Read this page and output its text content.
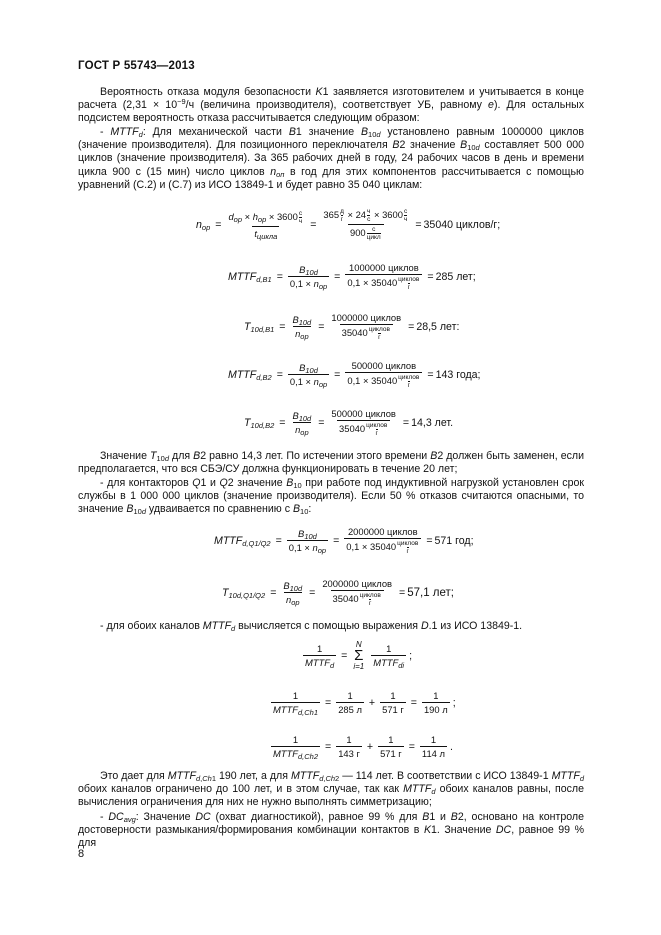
ГОСТ Р 55743—2013
Вероятность отказа модуля безопасности K1 заявляется изготовителем и учитывается в конце расчета ($2,31 \times 10^{-9}/ч$ (величина производителя), соответствует УБ, равному e). Для остальных подсистем вероятность отказа рассчитывается следующим образом:
- $MTTF_d$: Для механической части B1 значение $B_{10d}$ установлено равным 1000000 циклов (значение производителя). Для позиционного переключателя B2 значение $B_{10d}$ составляет 500 000 циклов (значение производителя). За 365 рабочих дней в году, 24 рабочих часов в день и времени цикла 900 с (15 мин) число циклов $n_{оп}$ в год для этих компонентов рассчитывается с помощью уравнений (С.2) и (С.7) из ИСО 13849-1 и будет равно 35 040 циклам:
$n_{op} = d_{op} \times h_{op} \times 3600$ с
ч
$t_{цикла} = 365$ д
г × 24 ч
с × 3600 с
ч
900 с
цикл = 35040 циклов/г;
$MTTF_{d,B1} = \frac{B_{10d}}{0,1 \times n_{op}} = 1000000$ циклов
0,1 × 35040 циклов
г = 285 лет;
$T_{10d,B1} = \frac{B_{10d}}{n_{op}} = 1000000$ циклов
35040 циклов
г = 28,5 лет:
$MTTF_{d,B2} = \frac{B_{10d}}{0,1 \times n_{op}} = 500000$ циклов
0,1 × 35040 циклов
г = 143 года;
$T_{10d,B2} = \frac{B_{10d}}{n_{op}} = 500000$ циклов
35040 циклов
г = 14,3 лет.
Значение $T_{10d}$ для B2 равно 14,3 лет. По истечении этого времени B2 должен быть заменен, если предполагается, что вся СБЭ/СУ должна функционировать в течение 20 лет;
- для контакторов Q1 и Q2 значение $B_{10}$ при работе под индуктивной нагрузкой установлен срок службы в 1 000 000 циклов (значение производителя). Если 50 % отказов считаются опасными, то значение $B_{10d}$ удваивается по сравнению с $B_{10}$:
$MTTF_{d,Q1/Q2} = \frac{B_{10d}}{0,1 \times n_{op}} = 2000000$ циклов
0,1 × 35040 циклов
г = 571 год;
$T_{10d,Q1/Q2} = \frac{B_{10d}}{n_{op}} = 2000000$ циклов
35040 циклов
г = 57,1 лет;
- для обоих каналов $MTTF_d$ вычисляется с помощью выражения D.1 из ИСО 13849-1.
$\frac{1}{MTTF_d}$ =
N
Σ
$i=1 \frac{1}{MTTF_{di}}$ ;
$\frac{1}{MTTF_{d,Ch1}} = \frac{1}{285 л} + \frac{1}{571 г} = \frac{1}{190 л}$ ;
$\frac{1}{MTTF_{d,Ch2}} = \frac{1}{143 г} + \frac{1}{571 г} = \frac{1}{114 л}$ .
Это дает для $MTTF_{d,Ch1}$ 190 лет, а для $MTTF_{d,Ch2}$ — 114 лет. В соответствии с ИСО 13849-1 $MTTF_d$ обоих каналов ограничено до 100 лет, и в этом случае, так как $MTTF_d$ обоих каналов равны, после вычисления ограничения для них не нужно выполнять симметризацию;
- $DC_{avg}$: Значение DC (охват диагностикой), равное 99 % для B1 и B2, основано на контроле достоверности размыкания/формирования комбинации контактов в K1. Значение DC, равное 99 % для
8
